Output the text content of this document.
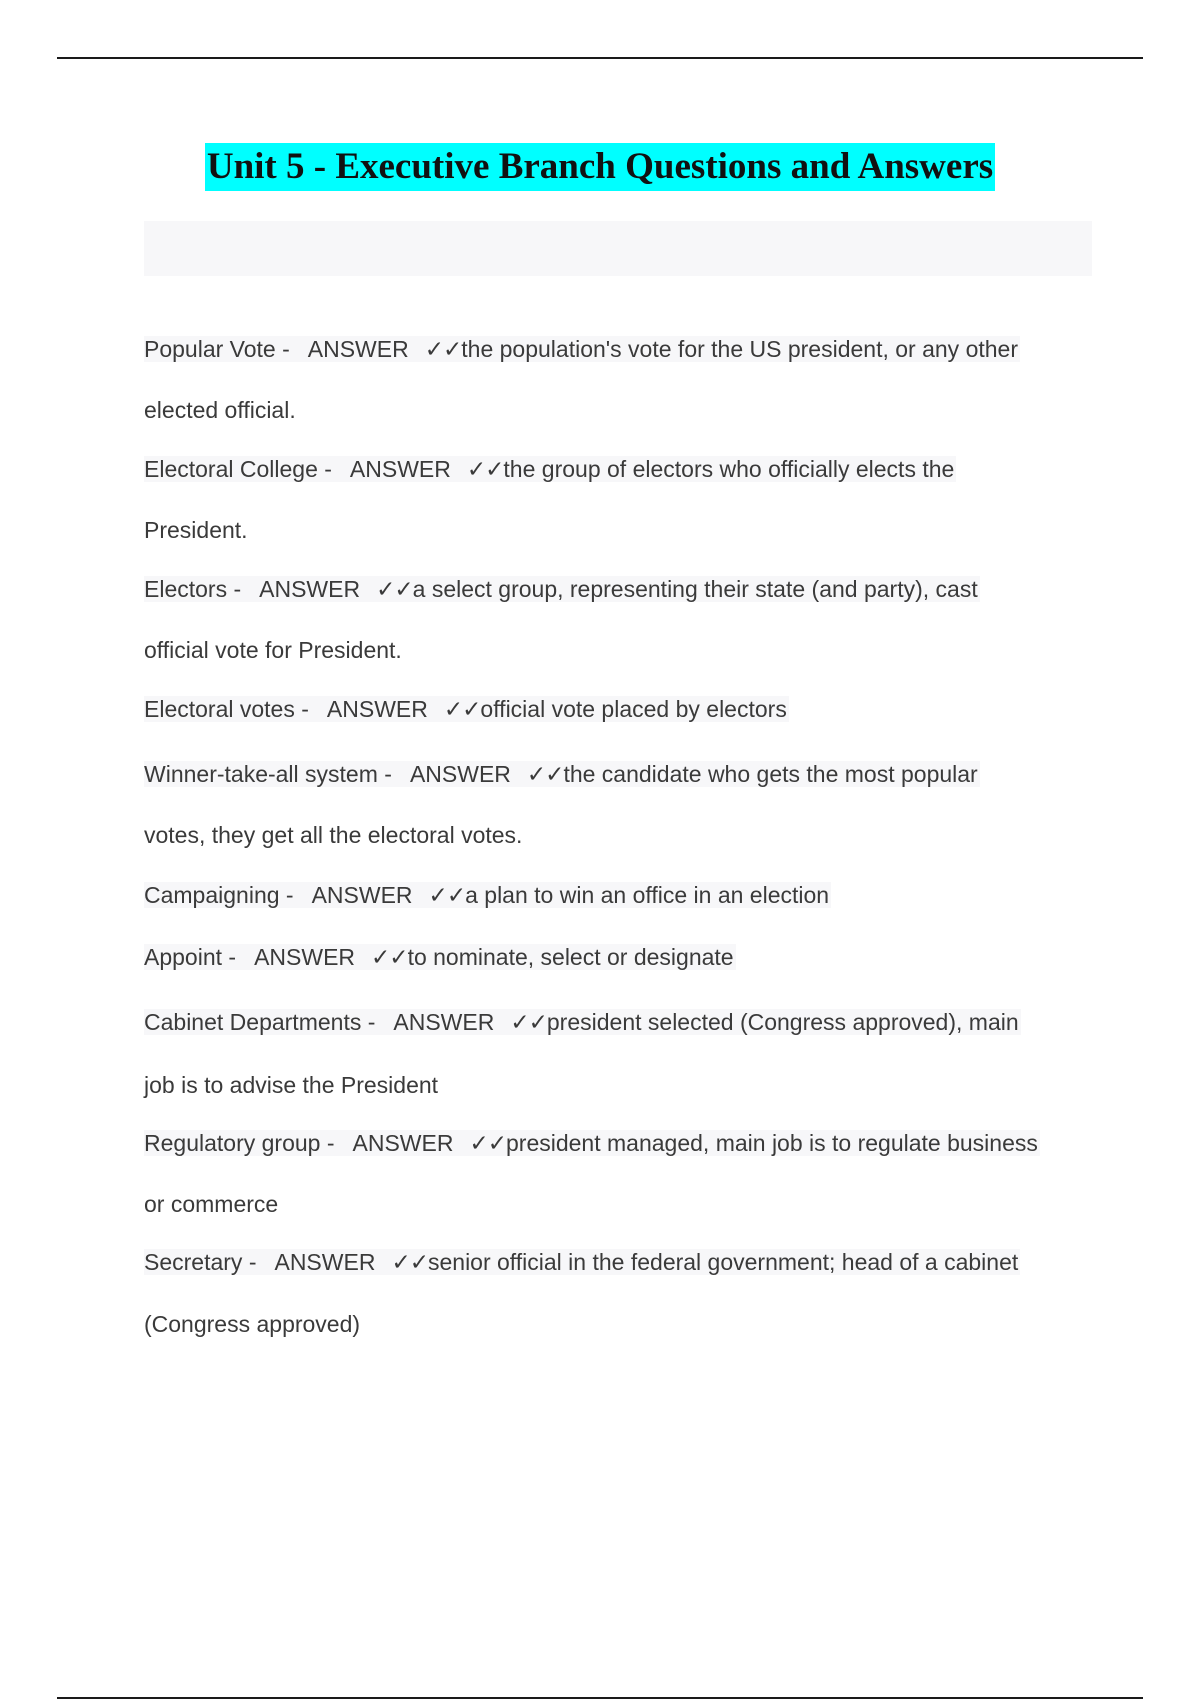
Unit 5 - Executive Branch Questions and Answers
Popular Vote - ANSWER ✓✓the population's vote for the US president, or any other
elected official.
Electoral College - ANSWER ✓✓the group of electors who officially elects the
President.
Electors - ANSWER ✓✓a select group, representing their state (and party), cast
official vote for President.
Electoral votes - ANSWER ✓✓official vote placed by electors
Winner-take-all system - ANSWER ✓✓the candidate who gets the most popular
votes, they get all the electoral votes.
Campaigning - ANSWER ✓✓a plan to win an office in an election
Appoint - ANSWER ✓✓to nominate, select or designate
Cabinet Departments - ANSWER ✓✓president selected (Congress approved), main
job is to advise the President
Regulatory group - ANSWER ✓✓president managed, main job is to regulate business
or commerce
Secretary - ANSWER ✓✓senior official in the federal government; head of a cabinet
(Congress approved)
